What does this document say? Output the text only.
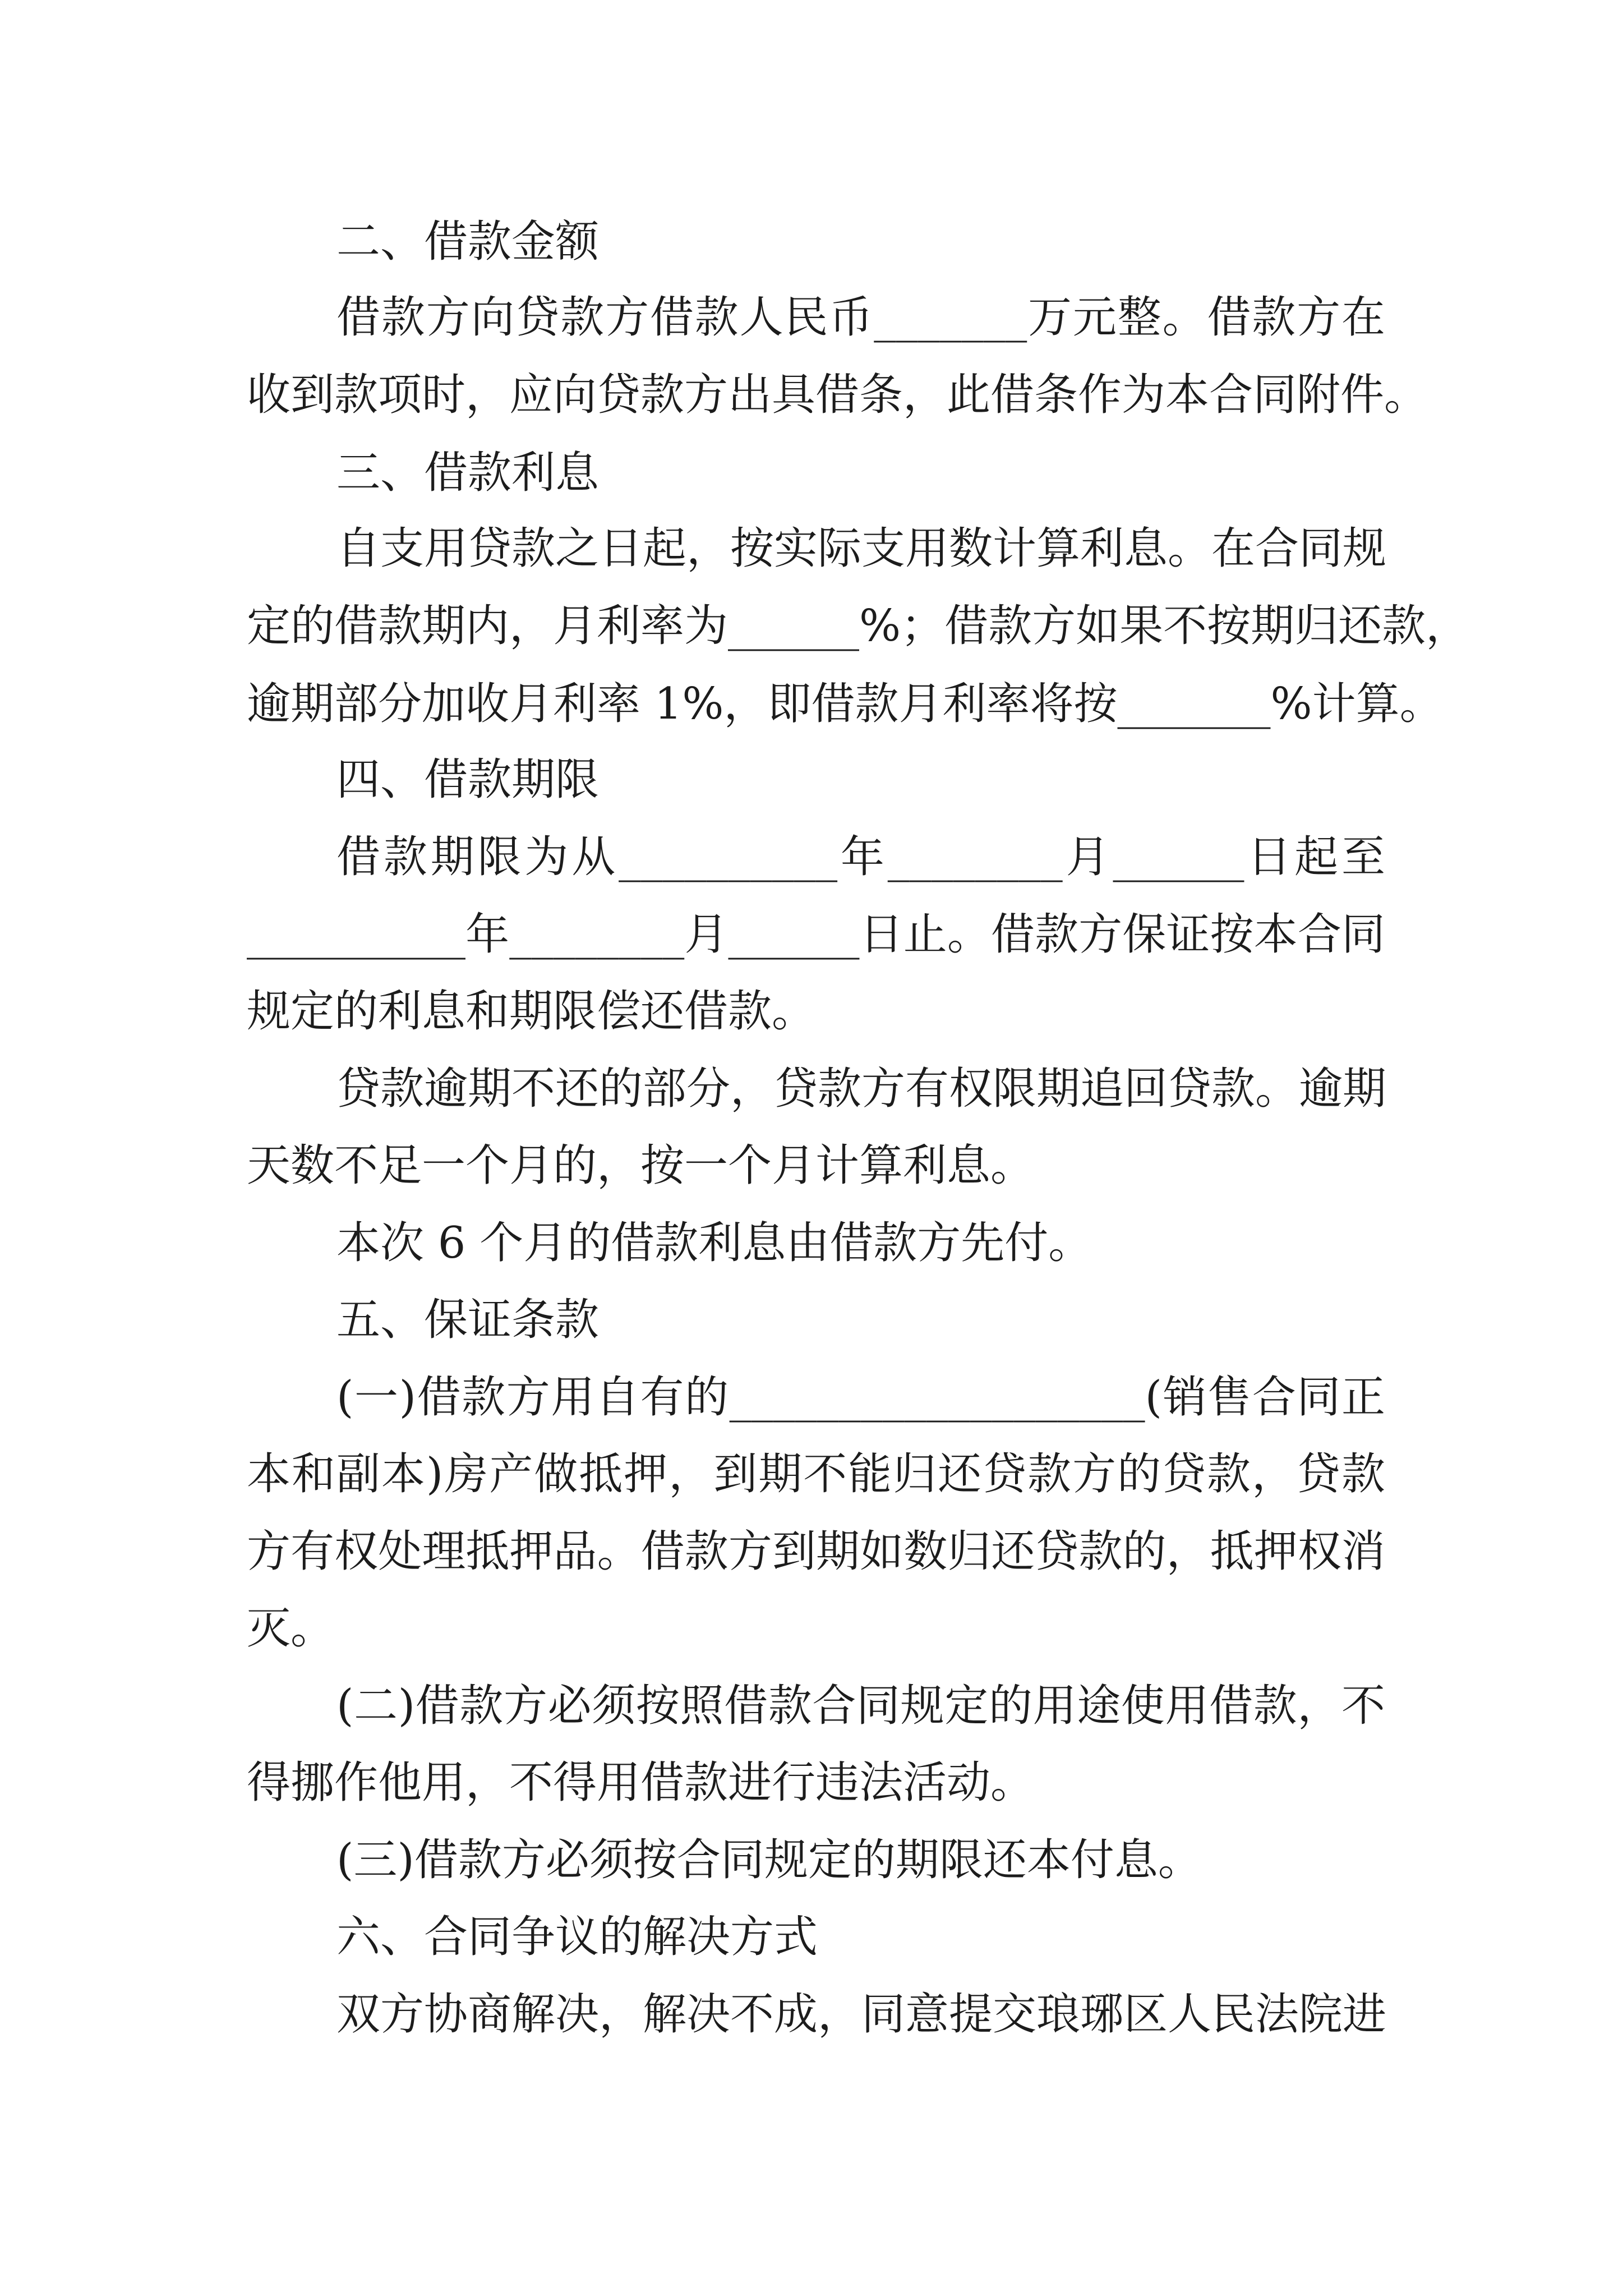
二、借款金额
借款方向贷款方借款人民币_______万元整。借款方在
收到款项时，应向贷款方出具借条，此借条作为本合同附件。
三、借款利息
自支用贷款之日起，按实际支用数计算利息。在合同规
定的借款期内，月利率为______%；借款方如果不按期归还款，
逾期部分加收月利率 1%，即借款月利率将按_______%计算。
四、借款期限
借款期限为从__________年________月______日起至
__________年________月______日止。借款方保证按本合同
规定的利息和期限偿还借款。
贷款逾期不还的部分，贷款方有权限期追回贷款。逾期
天数不足一个月的，按一个月计算利息。
本次 6 个月的借款利息由借款方先付。
五、保证条款
(一)借款方用自有的___________________(销售合同正
本和副本)房产做抵押，到期不能归还贷款方的贷款，贷款
方有权处理抵押品。借款方到期如数归还贷款的，抵押权消
灭。
(二)借款方必须按照借款合同规定的用途使用借款，不
得挪作他用，不得用借款进行违法活动。
(三)借款方必须按合同规定的期限还本付息。
六、合同争议的解决方式
双方协商解决，解决不成，同意提交琅琊区人民法院进
